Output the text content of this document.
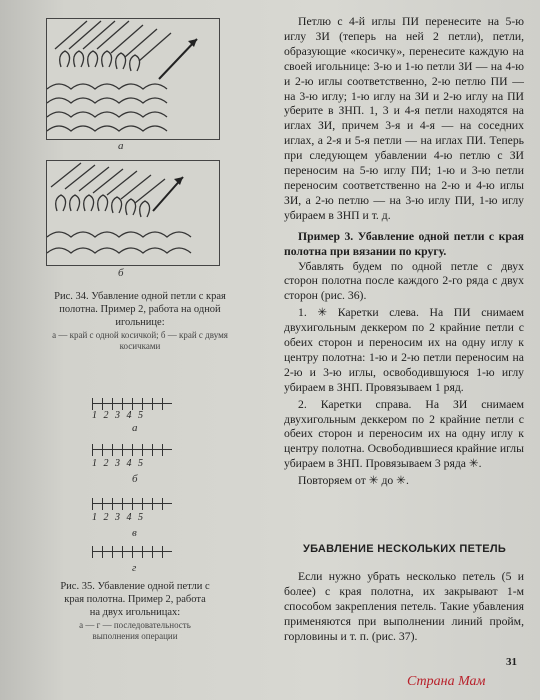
а
б
Рис. 34. Убавление одной петли с края полотна. Пример 2, работа на одной игольнице:
а — край с одной косичкой; б — край с двумя косичками
1 2 3 4 5
а
1 2 3 4 5
б
1 2 3 4 5
в
г
Рис. 35. Убавление одной петли с края полотна. Пример 2, работа на двух игольницах:
а — г — последовательность выполнения операции

Петлю с 4-й иглы ПИ перенесите на 5-ю иглу ЗИ (теперь на ней 2 петли), петли, образующие «косичку», перенесите каждую на своей игольнице: 3-ю и 1-ю петли ЗИ — на 4-ю и 2-ю иглы соответственно, 2-ю петлю ПИ — на 3-ю иглу; 1-ю иглу на ЗИ и 2-ю иглу на ПИ уберите в ЗНП. 1, 3 и 4-я петли находятся на иглах ЗИ, причем 3-я и 4-я — на соседних иглах, а 2-я и 5-я петли — на иглах ПИ. Теперь при следующем убавлении 4-ю петлю с ЗИ переносим на 5-ю иглу ПИ; 1-ю и 3-ю петли переносим соответственно на 2-ю и 4-ю иглы ЗИ, а 2-ю петлю — на 3-ю иглу ПИ, 1-ю иглу убираем в ЗНП и т. д.

Пример 3. Убавление одной петли с края полотна при вязании по кругу.

Убавлять будем по одной петле с двух сторон полотна после каждого 2-го ряда с двух сторон (рис. 36).

1. ✳ Каретки слева. На ПИ снимаем двухигольным деккером по 2 крайние петли с обеих сторон и переносим их на одну иглу к центру полотна: 1-ю и 2-ю петли переносим на 2-ю и 3-ю иглы, освободившуюся 1-ю иглу убираем в ЗНП. Провязываем 1 ряд.

2. Каретки справа. На ЗИ снимаем двухигольным деккером по 2 крайние петли с обеих сторон и переносим их на одну иглу к центру полотна. Освободившиеся крайние иглы убираем в ЗНП. Провязываем 3 ряда ✳.

Повторяем от ✳ до ✳.

УБАВЛЕНИЕ НЕСКОЛЬКИХ ПЕТЕЛЬ

Если нужно убрать несколько петель (5 и более) с края полотна, их закрывают 1-м способом закрепления петель. Такие убавления применяются при выполнении линий пройм, горловины и т. п. (рис. 37).

31
Страна Мам
